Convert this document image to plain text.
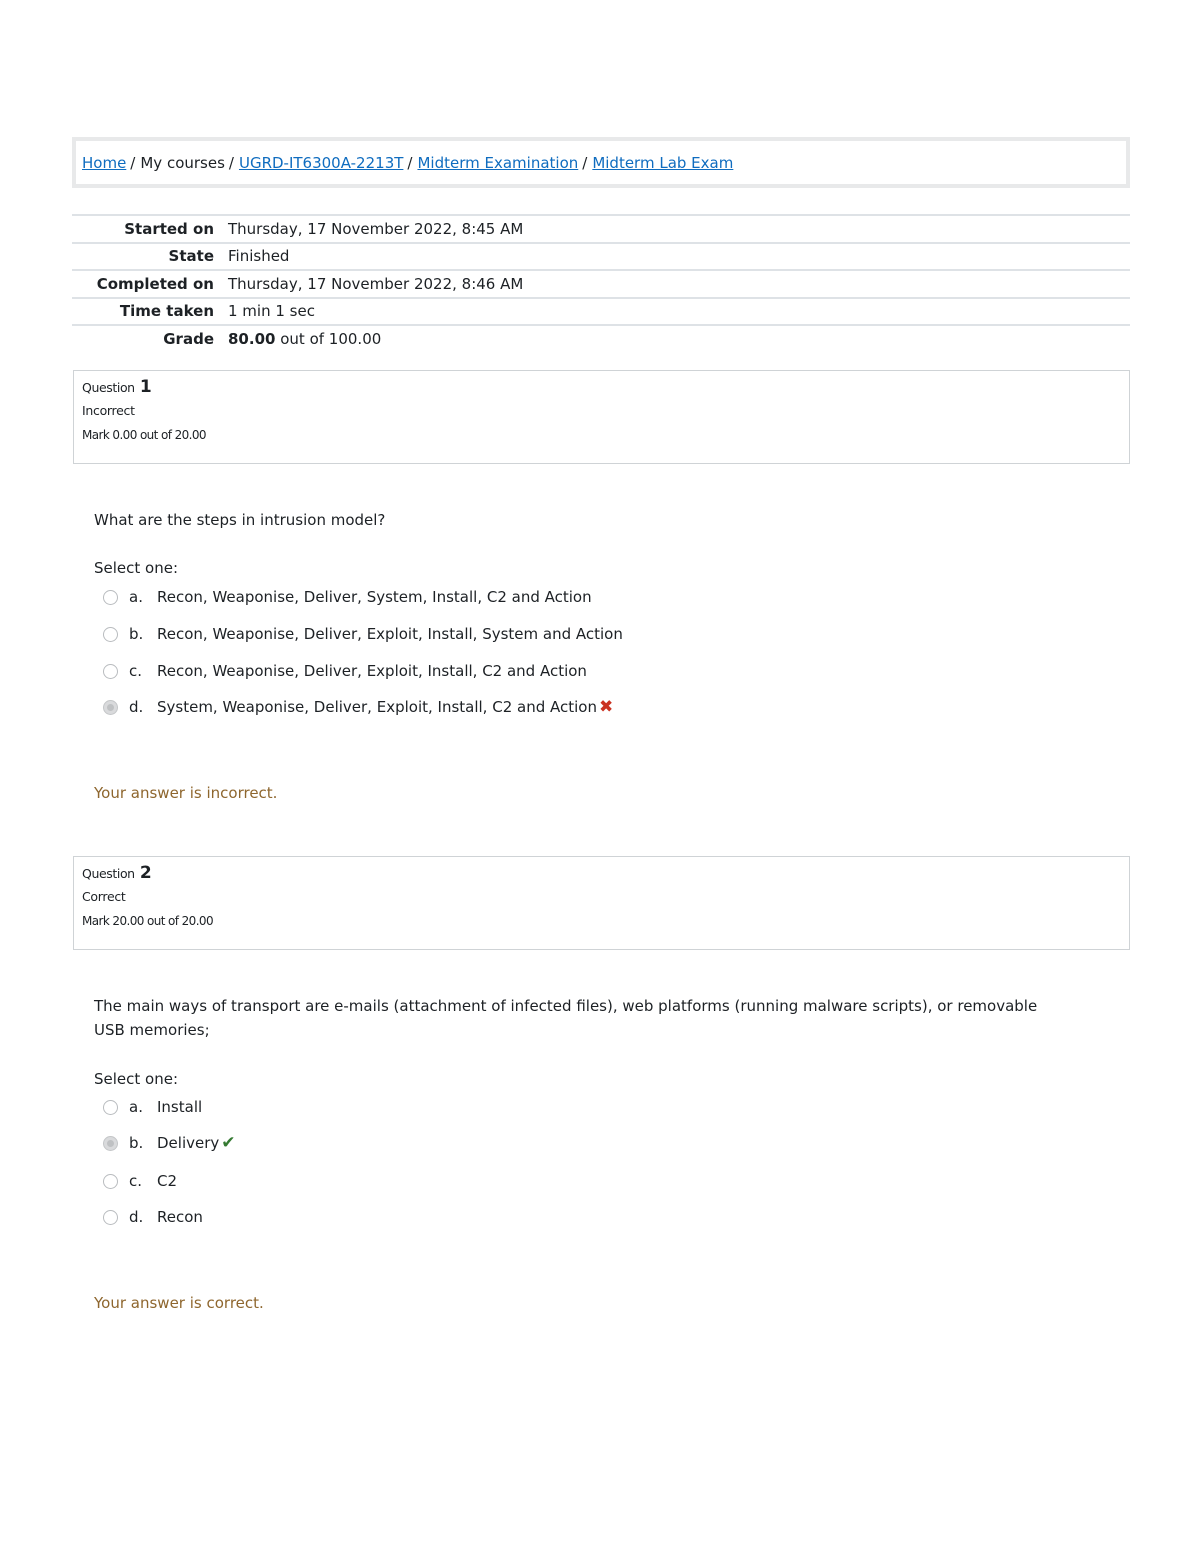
Home / My courses / UGRD-IT6300A-2213T / Midterm Examination / Midterm Lab Exam
Started on	Thursday, 17 November 2022, 8:45 AM
State	Finished
Completed on	Thursday, 17 November 2022, 8:46 AM
Time taken	1 min 1 sec
Grade	80.00 out of 100.00
Question 1
Incorrect
Mark 0.00 out of 20.00
What are the steps in intrusion model?
Select one:
a. Recon, Weaponise, Deliver, System, Install, C2 and Action
b. Recon, Weaponise, Deliver, Exploit, Install, System and Action
c. Recon, Weaponise, Deliver, Exploit, Install, C2 and Action
d. System, Weaponise, Deliver, Exploit, Install, C2 and Action ✖
Your answer is incorrect.
Question 2
Correct
Mark 20.00 out of 20.00
The main ways of transport are e-mails (attachment of infected files), web platforms (running malware scripts), or removable USB memories;
Select one:
a. Install
b. Delivery ✔
c. C2
d. Recon
Your answer is correct.
